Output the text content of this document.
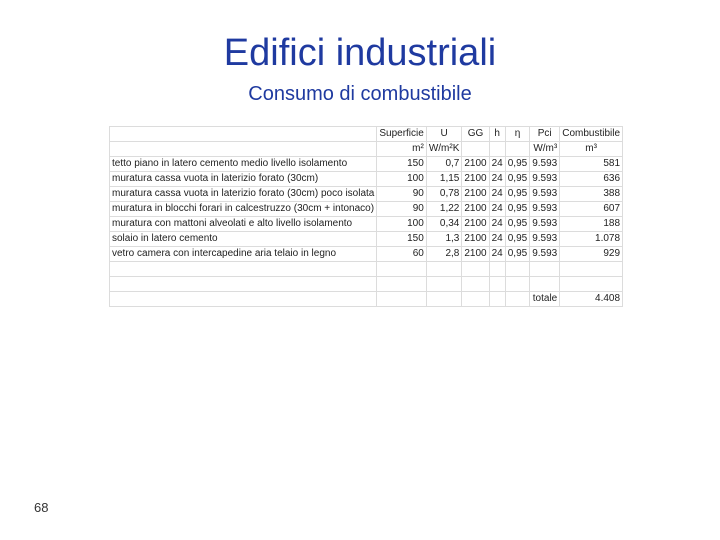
Edifici industriali
Consumo di combustibile
	Superficie	U	GG	h	η	Pci	Combustibile
	m²	W/m²K				W/m³	m³
tetto piano in latero cemento medio livello isolamento	150	0,7	2100	24	0,95	9.593	581
muratura cassa vuota in laterizio forato (30cm)	100	1,15	2100	24	0,95	9.593	636
muratura cassa vuota in laterizio forato (30cm) poco isolata	90	0,78	2100	24	0,95	9.593	388
muratura in blocchi forari in calcestruzzo (30cm + intonaco)	90	1,22	2100	24	0,95	9.593	607
muratura con mattoni alveolati e alto livello isolamento	100	0,34	2100	24	0,95	9.593	188
solaio in latero cemento	150	1,3	2100	24	0,95	9.593	1.078
vetro camera con intercapedine aria telaio in legno	60	2,8	2100	24	0,95	9.593	929

						totale	4.408
68
